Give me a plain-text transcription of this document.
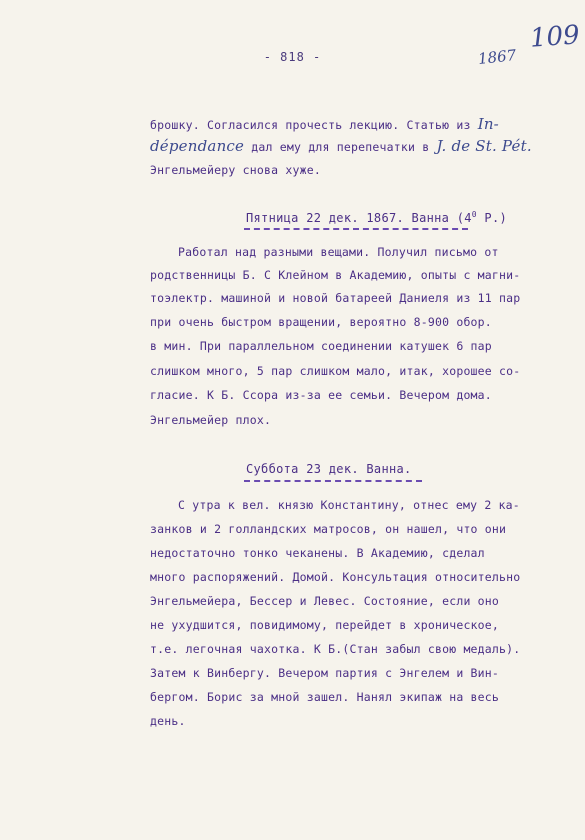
- 818 -	1867
109
брошку. Согласился прочесть лекцию. Статью из Іп-
dépendance дал ему для перепечатки в J. de St. Pét.
Энгельмейеру снова хуже.
Пятница 22 дек. 1867. Ванна ($4^0$ Р.)
Работал над разными вещами. Получил письмо от
родственницы Б. С Клейном в Академию, опыты с магни-
тоэлектр. машиной и новой батареей Даниеля из 11 пар
при очень быстром вращении, вероятно 8-900 обор.
в мин. При параллельном соединении катушек 6 пар
слишком много, 5 пар слишком мало, итак, хорошее со-
гласие. К Б. Ссора из-за ее семьи. Вечером дома.
Энгельмейер плох.
Суббота 23 дек. Ванна.
С утра к вел. князю Константину, отнес ему 2 ка-
занков и 2 голландских матросов, он нашел, что они
недостаточно тонко чеканены. В Академию, сделал
много распоряжений. Домой. Консультация относительно
Энгельмейера, Бессер и Левес. Состояние, если оно
не ухудшится, повидимому, перейдет в хроническое,
т.е. легочная чахотка. К Б.(Стан забыл свою медаль).
Затем к Винбергу. Вечером партия с Энгелем и Вин-
бергом. Борис за мной зашел. Нанял экипаж на весь
день.
